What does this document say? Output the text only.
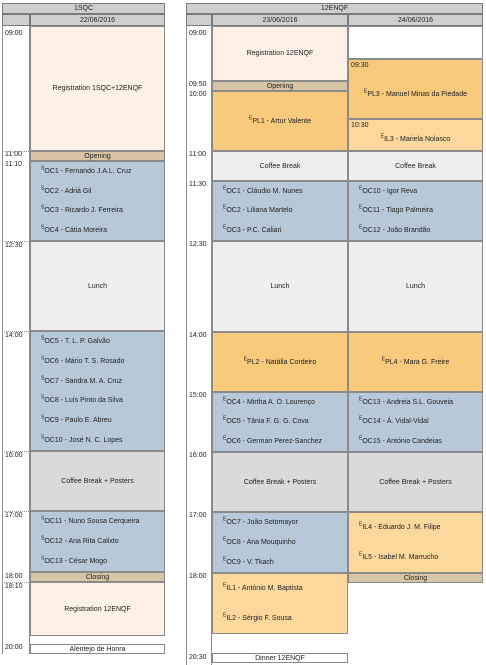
1SQC
22/06/2016
09:00
11:00
11:10
12:30
14:00
16:00
17:00
18:00
18:10
20:00
Registration 1SQC+12ENQF
Opening
$^S$OC1 - Fernando J.A.L. Cruz
$^S$OC2 - Adriá Gil
$^S$OC3 - Ricardo J. Ferreira
$^S$OC4 - Cátia Moreira
Lunch
$^S$OC5 - T. L. P. Galvão
$^S$OC6 - Mário T. S. Rosado
$^S$OC7 - Sandra M. A. Cruz
$^S$OC8 - Luís Pinto da Silva
$^S$OC9 - Paulo E. Abreu
$^S$OC10 - José N. C. Lopes
Coffee Break + Posters
$^S$OC11 - Nuno Sousa Cerqueira
$^S$OC12 - Ana Rita Calixto
$^S$OC13 - César Mogo
Closing
Registration 12ENQF
Alentejo de Honra
12ENQF
23/06/2016	24/06/2016
09:00
09:50
10:00
11:00
11:30
12:30
14:00
15:00
16:00
17:00
18:00
20:30
Registration 12ENQF
Opening
$^E$PL1 - Artur Valente
Coffee Break
$^E$OC1 - Cláudio M. Nunes
$^E$OC2 - Liliana Martelo
$^E$OC3 - P.C. Caliari
Lunch
$^E$PL2 - Natália Cordeiro
$^E$OC4 - Mirtha A. O. Lourenço
$^E$OC5 - Tânia F. G. G. Cova
$^E$OC6 - German Perez-Sanchez
Coffee Break + Posters
$^E$OC7 - João Sotomayor
$^E$OC8 - Ana Mouquinho
$^E$OC9 - V. Tkach
$^E$IL1 - António M. Baptista
$^E$IL2 - Sérgio F. Sousa
Dinner 12ENQF
09:30
$^E$PL3 - Manuel Minas da Piedade
10:30
$^E$IL3 - Mariela Nolasco
Coffee Break
$^E$OC10 - Igor Reva
$^E$OC11 - Tiago Palmeira
$^E$OC12 - João Brandão
Lunch
$^E$PL4 - Mara G. Freire
$^E$OC13 - Andreia S.L. Gouveia
$^E$OC14 - Á. Vidal-Vidal
$^E$OC15 - António Candeias
Coffee Break + Posters
$^E$IL4 - Eduardo J. M. Filipe
$^E$IL5 - Isabel M. Marrucho
Closing
